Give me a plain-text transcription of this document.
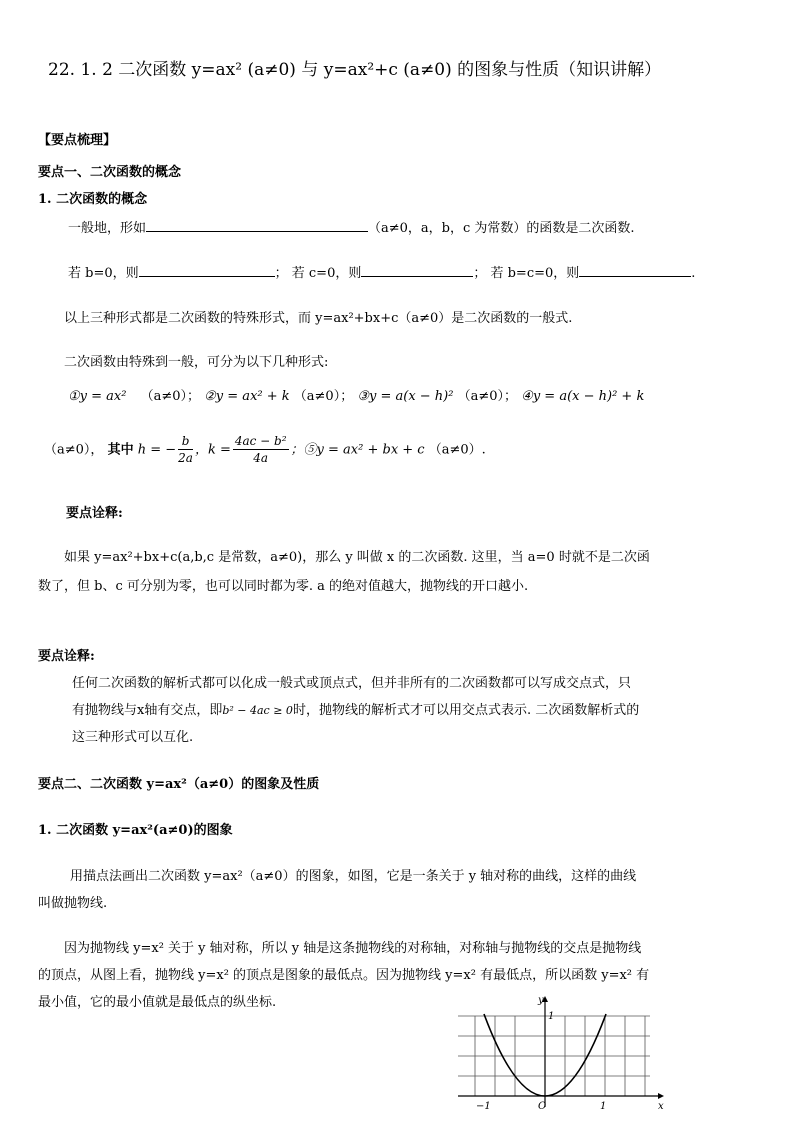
22. 1. 2 二次函数 y=ax² (a≠0) 与 y=ax²+c (a≠0) 的图象与性质（知识讲解）
【要点梳理】
要点一、二次函数的概念
1. 二次函数的概念
一般地，形如	（a≠0，a，b，c 为常数）的函数是二次函数.
若 b=0，则	； 若 c=0，则	； 若 b=c=0，则	.
以上三种形式都是二次函数的特殊形式，而 y=ax²+bx+c（a≠0）是二次函数的一般式.
二次函数由特殊到一般，可分为以下几种形式:
①y = ax² （a≠0）； ②y = ax² + k （a≠0）； ③y = a(x − h)² （a≠0）； ④y = a(x − h)² + k
（a≠0）， 其中 h = − $\frac{b}{2a}$ ，$k = \frac{\text{4ac − b²}}{4a}$ ；⑤y = ax² + bx + c （a≠0）.
要点诠释:
如果 y=ax²+bx+c(a,b,c 是常数，a≠0)，那么 y 叫做 x 的二次函数. 这里，当 a=0 时就不是二次函
数了，但 b、c 可分别为零，也可以同时都为零. a 的绝对值越大，抛物线的开口越小.
要点诠释:
任何二次函数的解析式都可以化成一般式或顶点式，但并非所有的二次函数都可以写成交点式，只
有抛物线与x轴有交点，即b² − 4ac ≥ 0时，抛物线的解析式才可以用交点式表示. 二次函数解析式的
这三种形式可以互化.
要点二、二次函数 y=ax²（a≠0）的图象及性质
1. 二次函数 y=ax²(a≠0)的图象
用描点法画出二次函数 y=ax²（a≠0）的图象，如图，它是一条关于 y 轴对称的曲线，这样的曲线
叫做抛物线.
因为抛物线 y=x² 关于 y 轴对称，所以 y 轴是这条抛物线的对称轴，对称轴与抛物线的交点是抛物线
的顶点，从图上看，抛物线 y=x² 的顶点是图象的最低点。因为抛物线 y=x² 有最低点，所以函数 y=x² 有
最小值，它的最小值就是最低点的纵坐标.	y
x
O
−1	1
1
